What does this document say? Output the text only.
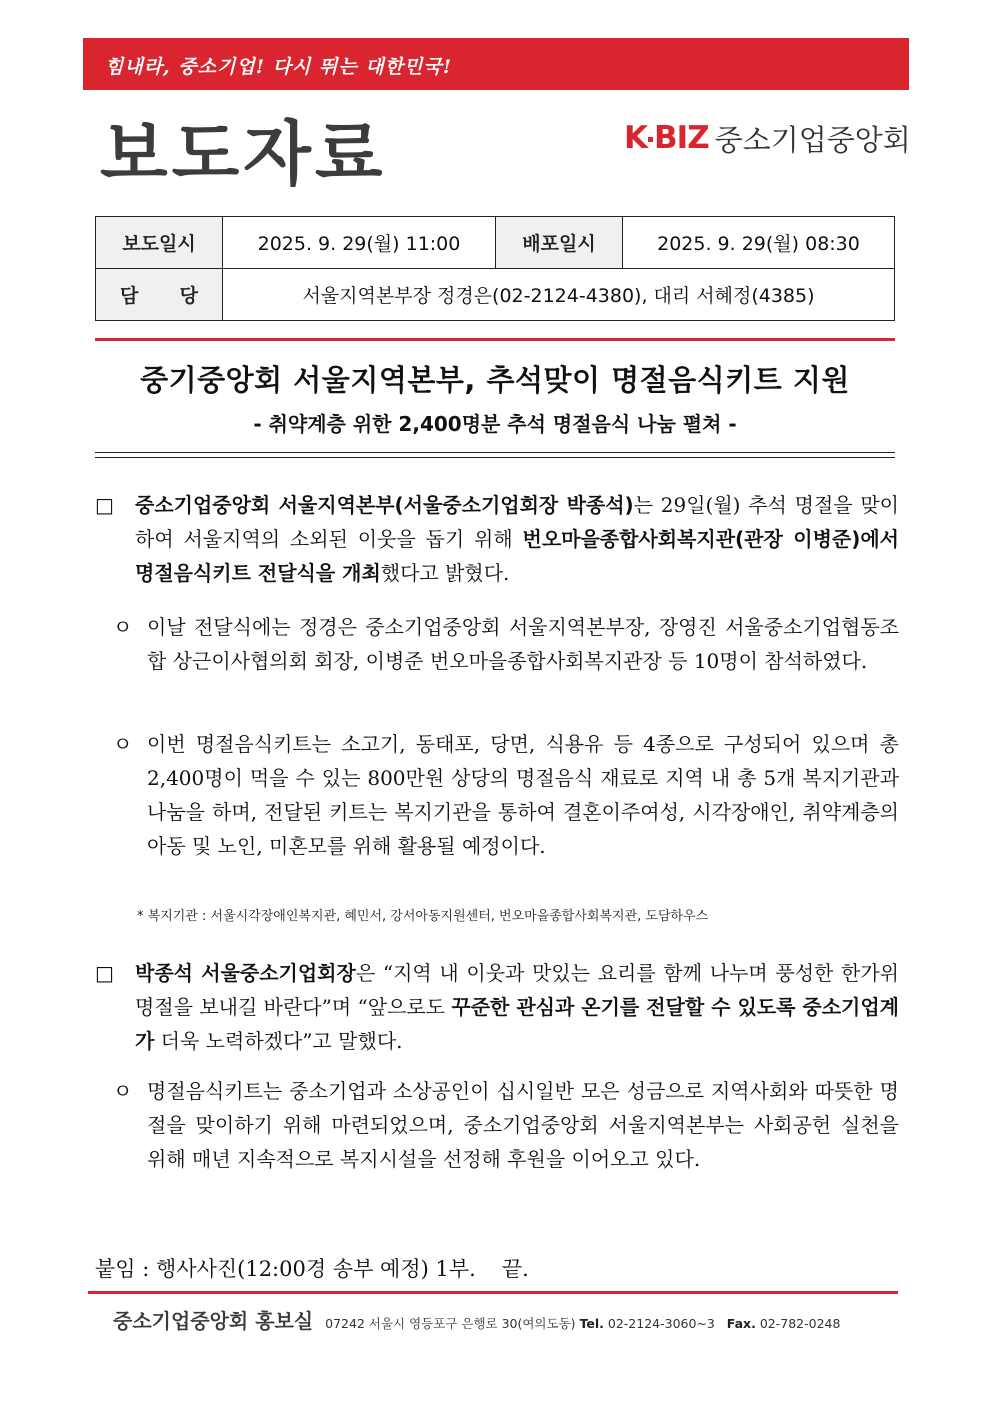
힘내라, 중소기업! 다시 뛰는 대한민국!
보도자료	K BIZ 중소기업중앙회
보도일시	2025. 9. 29(월) 11:00	배포일시	2025. 9. 29(월) 08:30

담 당	서울지역본부장 정경은(02-2124-4380), 대리 서혜정(4385)		
중기중앙회 서울지역본부, 추석맞이 명절음식키트 지원
- 취약계층 위한 2,400명분 추석 명절음식 나눔 펼쳐 -
□	중소기업중앙회 서울지역본부(서울중소기업회장 박종석)는 29일(월) 추석 명절을 맞이하여 서울지역의 소외된 이웃을 돕기 위해 번오마을종합사회복지관(관장 이병준)에서 명절음식키트 전달식을 개최했다고 밝혔다.
ㅇ 이날 전달식에는 정경은 중소기업중앙회 서울지역본부장, 장영진 서울중소기업협동조합 상근이사협의회 회장, 이병준 번오마을종합사회복지관장 등 10명이 참석하였다.
ㅇ 이번 명절음식키트는 소고기, 동태포, 당면, 식용유 등 4종으로 구성되어 있으며 총 2,400명이 먹을 수 있는 800만원 상당의 명절음식 재료로 지역 내 총 5개 복지기관과 나눔을 하며, 전달된 키트는 복지기관을 통하여 결혼이주여성, 시각장애인, 취약계층의 아동 및 노인, 미혼모를 위해 활용될 예정이다.
* 복지기관 : 서울시각장애인복지관, 혜민서, 강서아동지원센터, 번오마을종합사회복지관, 도담하우스
□	박종석 서울중소기업회장은 “지역 내 이웃과 맛있는 요리를 함께 나누며 풍성한 한가위 명절을 보내길 바란다”며 “앞으로도 꾸준한 관심과 온기를 전달할 수 있도록 중소기업계가 더욱 노력하겠다”고 말했다.
ㅇ 명절음식키트는 중소기업과 소상공인이 십시일반 모은 성금으로 지역사회와 따뜻한 명절을 맞이하기 위해 마련되었으며, 중소기업중앙회 서울지역본부는 사회공헌 실천을 위해 매년 지속적으로 복지시설을 선정해 후원을 이어오고 있다.
붙임 : 행사사진(12:00경 송부 예정) 1부. 끝.
중소기업중앙회 홍보실 07242 서울시 영등포구 은행로 30(여의도동) Tel. 02-2124-3060~3 Fax. 02-782-0248
